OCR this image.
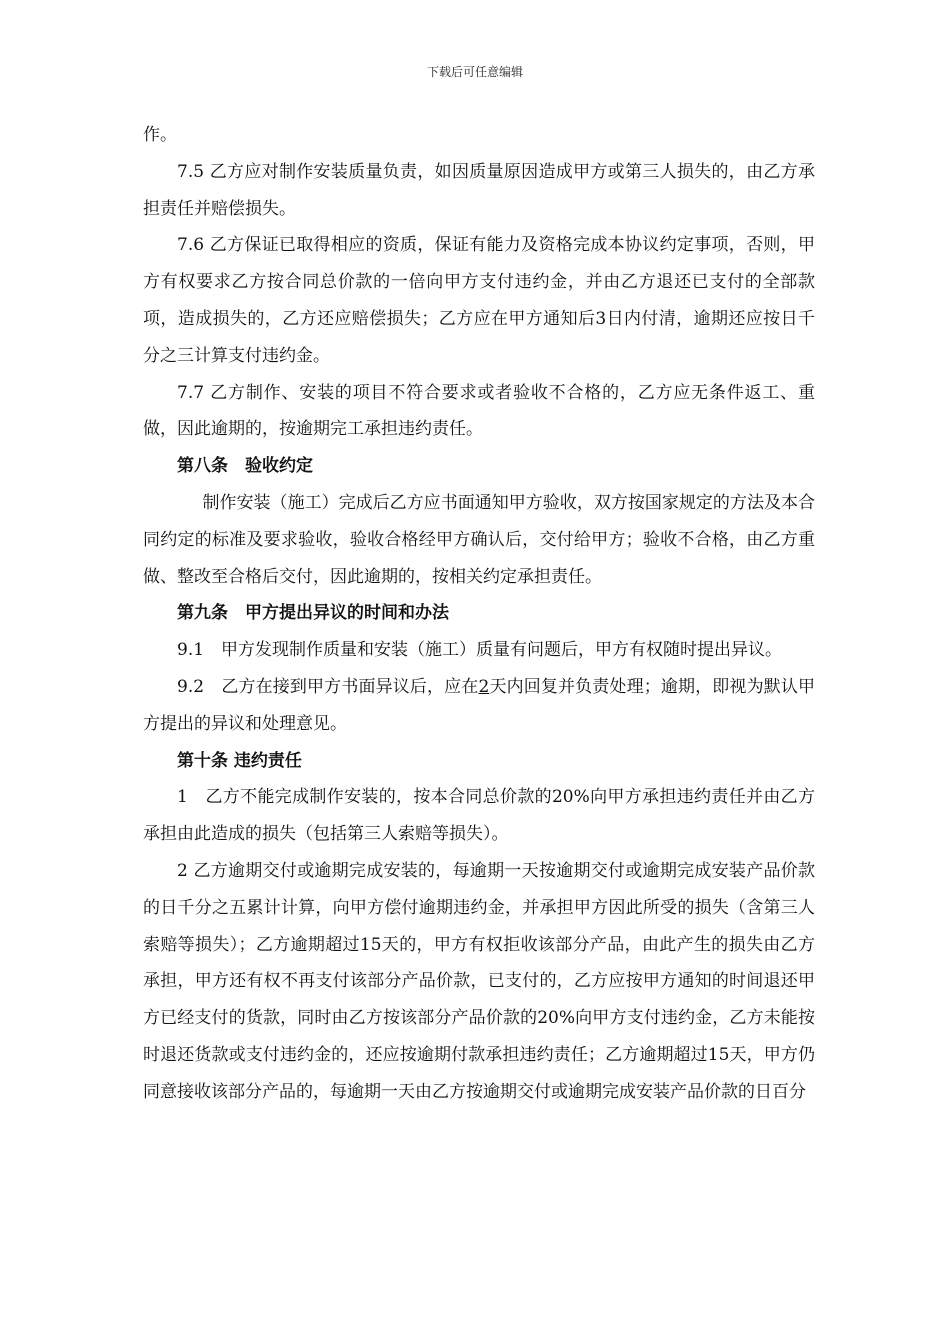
下载后可任意编辑

作。

7.5 乙方应对制作安装质量负责，如因质量原因造成甲方或第三人损失的，由乙方承担责任并赔偿损失。

7.6 乙方保证已取得相应的资质，保证有能力及资格完成本协议约定事项，否则，甲方有权要求乙方按合同总价款的一倍向甲方支付违约金，并由乙方退还已支付的全部款项，造成损失的，乙方还应赔偿损失；乙方应在甲方通知后3日内付清，逾期还应按日千分之三计算支付违约金。

7.7 乙方制作、安装的项目不符合要求或者验收不合格的，乙方应无条件返工、重做，因此逾期的，按逾期完工承担违约责任。

第八条　验收约定

制作安装（施工）完成后乙方应书面通知甲方验收，双方按国家规定的方法及本合同约定的标准及要求验收，验收合格经甲方确认后，交付给甲方；验收不合格，由乙方重做、整改至合格后交付，因此逾期的，按相关约定承担责任。

第九条　甲方提出异议的时间和办法

9.1　甲方发现制作质量和安装（施工）质量有问题后，甲方有权随时提出异议。

9.2　乙方在接到甲方书面异议后，应在2天内回复并负责处理；逾期，即视为默认甲方提出的异议和处理意见。

第十条 违约责任

1　乙方不能完成制作安装的，按本合同总价款的20%向甲方承担违约责任并由乙方承担由此造成的损失（包括第三人索赔等损失）。

2 乙方逾期交付或逾期完成安装的，每逾期一天按逾期交付或逾期完成安装产品价款的日千分之五累计计算，向甲方偿付逾期违约金，并承担甲方因此所受的损失（含第三人索赔等损失）；乙方逾期超过15天的，甲方有权拒收该部分产品，由此产生的损失由乙方承担，甲方还有权不再支付该部分产品价款，已支付的，乙方应按甲方通知的时间退还甲方已经支付的货款，同时由乙方按该部分产品价款的20%向甲方支付违约金，乙方未能按时退还货款或支付违约金的，还应按逾期付款承担违约责任；乙方逾期超过15天，甲方仍同意接收该部分产品的，每逾期一天由乙方按逾期交付或逾期完成安装产品价款的日百分
